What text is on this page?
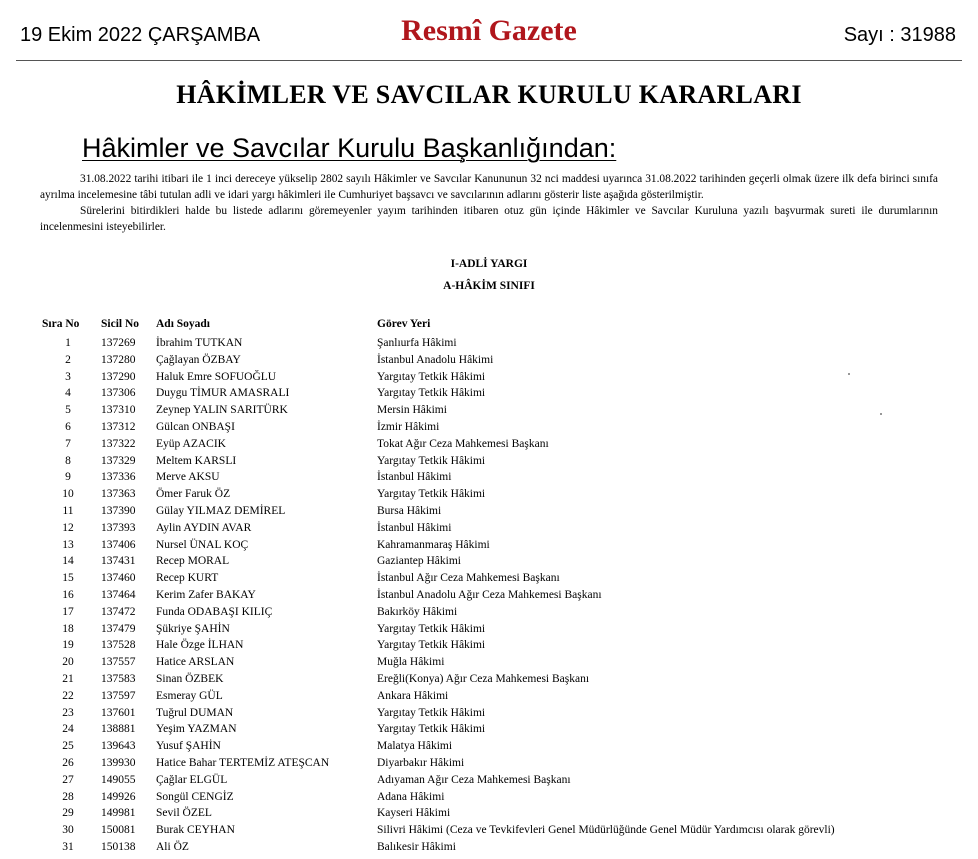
19 Ekim 2022 ÇARŞAMBA	Resmî Gazete	Sayı : 31988
HÂKİMLER VE SAVCILAR KURULU KARARLARI
Hâkimler ve Savcılar Kurulu Başkanlığından:

31.08.2022 tarihi itibari ile 1 inci dereceye yükselip 2802 sayılı Hâkimler ve Savcılar Kanununun 32 nci maddesi uyarınca 31.08.2022 tarihinden geçerli olmak üzere ilk defa birinci sınıfa ayrılma incelemesine tâbi tutulan adli ve idari yargı hâkimleri ile Cumhuriyet başsavcı ve savcılarının adlarını gösterir liste aşağıda gösterilmiştir.

Sürelerini bitirdikleri halde bu listede adlarını göremeyenler yayım tarihinden itibaren otuz gün içinde Hâkimler ve Savcılar Kuruluna yazılı başvurmak sureti ile durumlarının incelenmesini isteyebilirler.

I-ADLİ YARGI
A-HÂKİM SINIFI
Sıra No	Sicil No	Adı Soyadı	Görev Yeri
1	137269	İbrahim TUTKAN	Şanlıurfa Hâkimi
2	137280	Çağlayan ÖZBAY	İstanbul Anadolu Hâkimi
3	137290	Haluk Emre SOFUOĞLU	Yargıtay Tetkik Hâkimi
4	137306	Duygu TİMUR AMASRALI	Yargıtay Tetkik Hâkimi
5	137310	Zeynep YALIN SARITÜRK	Mersin Hâkimi
6	137312	Gülcan ONBAŞI	İzmir Hâkimi
7	137322	Eyüp AZACIK	Tokat Ağır Ceza Mahkemesi Başkanı
8	137329	Meltem KARSLI	Yargıtay Tetkik Hâkimi
9	137336	Merve AKSU	İstanbul Hâkimi
10	137363	Ömer Faruk ÖZ	Yargıtay Tetkik Hâkimi
11	137390	Gülay YILMAZ DEMİREL	Bursa Hâkimi
12	137393	Aylin AYDIN AVAR	İstanbul Hâkimi
13	137406	Nursel ÜNAL KOÇ	Kahramanmaraş Hâkimi
14	137431	Recep MORAL	Gaziantep Hâkimi
15	137460	Recep KURT	İstanbul Ağır Ceza Mahkemesi Başkanı
16	137464	Kerim Zafer BAKAY	İstanbul Anadolu Ağır Ceza Mahkemesi Başkanı
17	137472	Funda ODABAŞI KILIÇ	Bakırköy Hâkimi
18	137479	Şükriye ŞAHİN	Yargıtay Tetkik Hâkimi
19	137528	Hale Özge İLHAN	Yargıtay Tetkik Hâkimi
20	137557	Hatice ARSLAN	Muğla Hâkimi
21	137583	Sinan ÖZBEK	Ereğli(Konya) Ağır Ceza Mahkemesi Başkanı
22	137597	Esmeray GÜL	Ankara Hâkimi
23	137601	Tuğrul DUMAN	Yargıtay Tetkik Hâkimi
24	138881	Yeşim YAZMAN	Yargıtay Tetkik Hâkimi
25	139643	Yusuf ŞAHİN	Malatya Hâkimi
26	139930	Hatice Bahar TERTEMİZ ATEŞCAN	Diyarbakır Hâkimi
27	149055	Çağlar ELGÜL	Adıyaman Ağır Ceza Mahkemesi Başkanı
28	149926	Songül CENGİZ	Adana Hâkimi
29	149981	Sevil ÖZEL	Kayseri Hâkimi
30	150081	Burak CEYHAN	Silivri Hâkimi (Ceza ve Tevkifevleri Genel Müdürlüğünde Genel Müdür Yardımcısı olarak görevli)
31	150138	Ali ÖZ	Balıkesir Hâkimi
